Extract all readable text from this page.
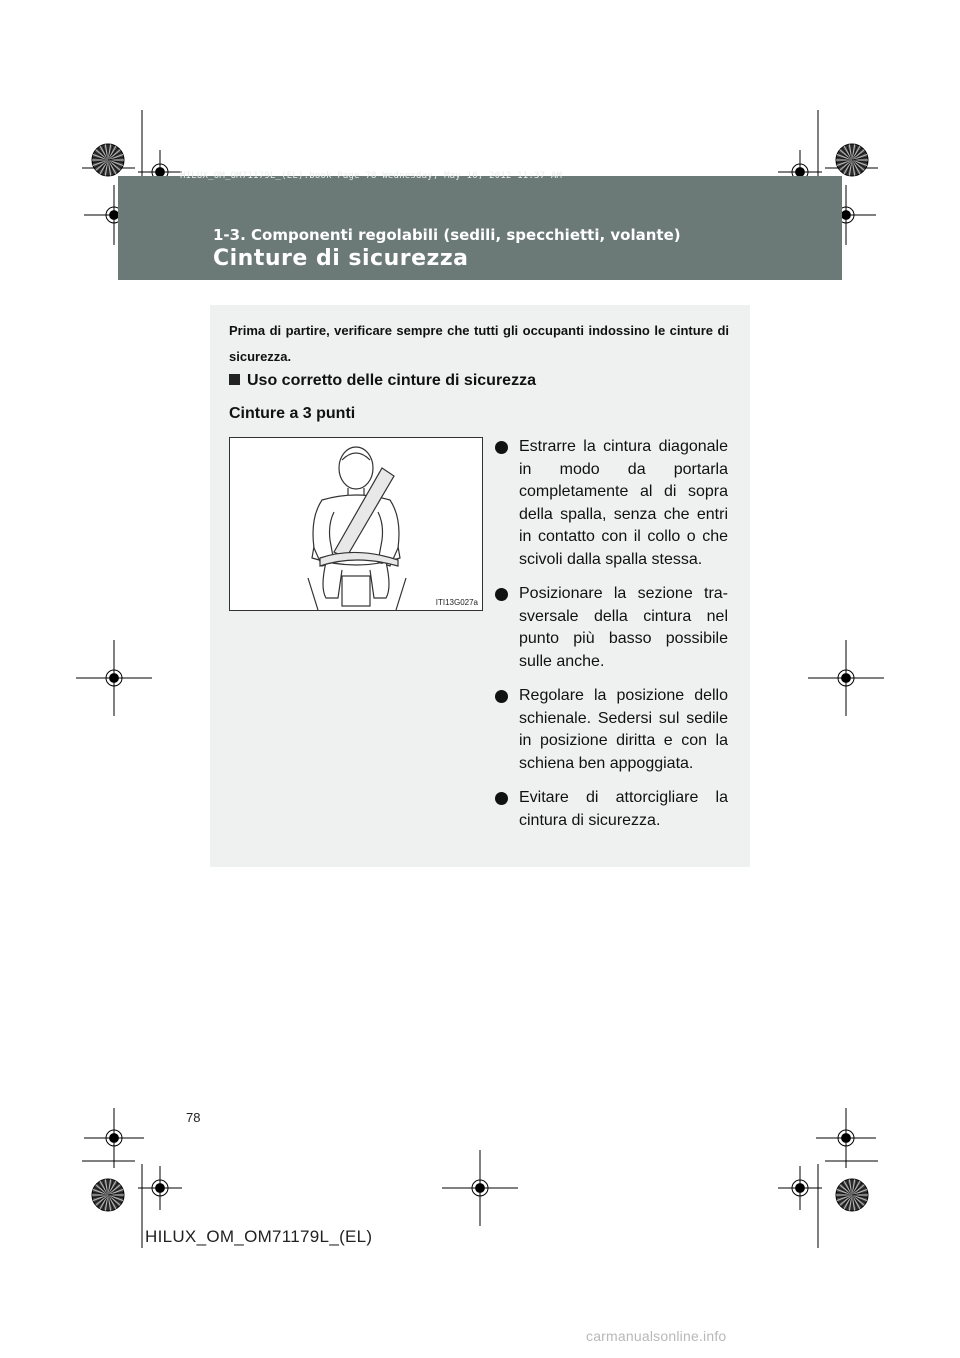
HILUX_OM_OM71179L_(EL).book Page 78 Wednesday, May 16, 2012 11:37 AM
1-3. Componenti regolabili (sedili, specchietti, volante)
Cinture di sicurezza
Prima di partire, verificare sempre che tutti gli occupanti indossino le cinture di sicurezza.
Uso corretto delle cinture di sicurezza
Cinture a 3 punti
ITI13G027a
Estrarre la cintura diagonale in modo da portarla completamente al di sopra della spalla, senza che entri in contatto con il collo o che scivoli dalla spalla stessa.
Posizionare la sezione trasversale della cintura nel punto più basso possibile sulle anche.
Regolare la posizione dello schienale. Sedersi sul sedile in posizione diritta e con la schiena ben appoggiata.
Evitare di attorcigliare la cintura di sicurezza.
78
HILUX_OM_OM71179L_(EL)
carmanualsonline.info
